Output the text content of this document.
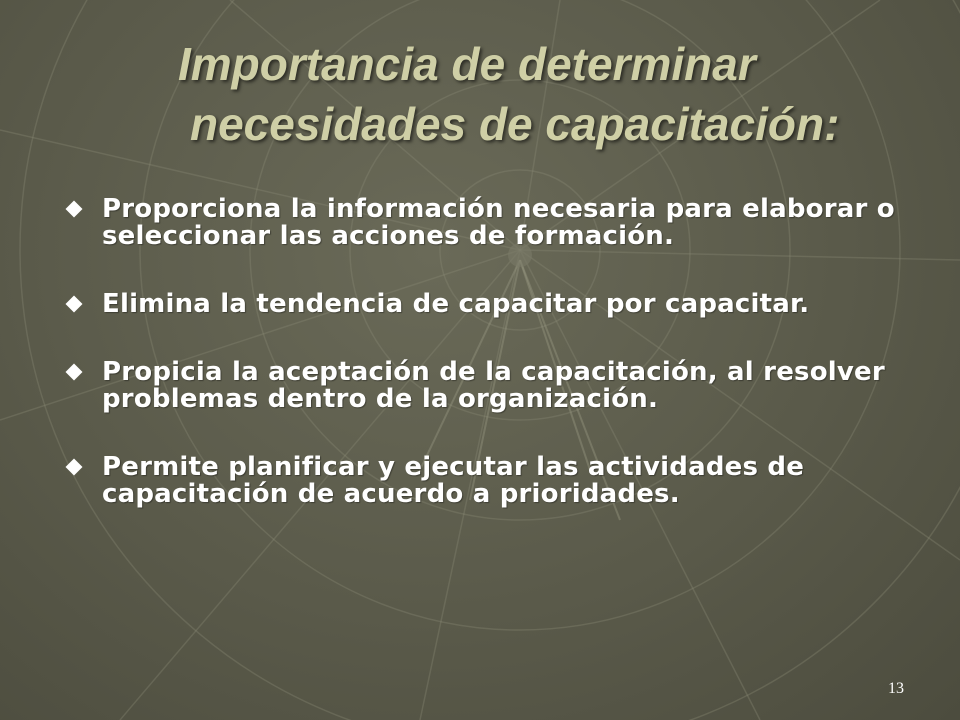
Importancia de determinar
necesidades de capacitación:
Proporciona la información necesaria para elaborar o seleccionar las acciones de formación.
Elimina la tendencia de capacitar por capacitar.
Propicia la aceptación de la capacitación, al resolver problemas dentro de la organización.
Permite planificar y ejecutar las actividades de capacitación de acuerdo a prioridades.
13
